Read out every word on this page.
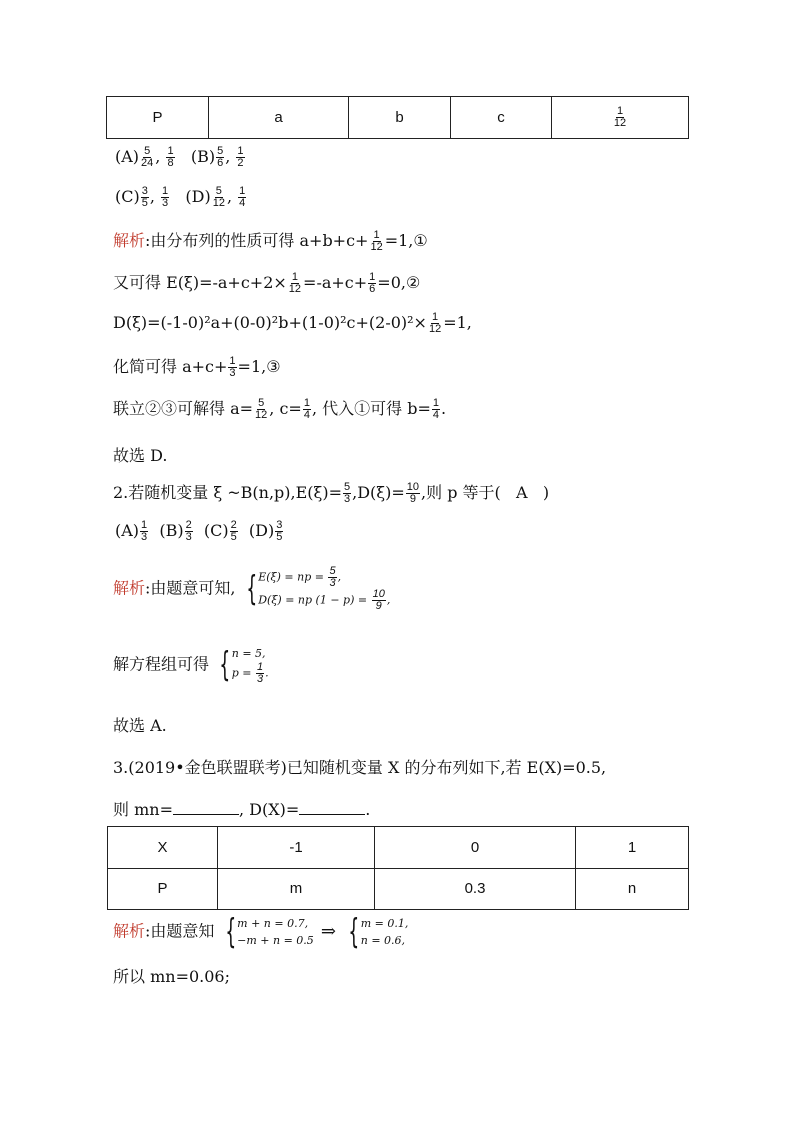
P	a	b	c	$\frac{1}{12}$
$(A) \frac{5}{24}$ , $\frac{1}{8} (B) \frac{5}{6}$ , $\frac{1}{2}$
$(C) \frac{3}{5}$ , $\frac{1}{3} (D) \frac{5}{12}$ , $\frac{1}{4}$
解析:由分布列的性质可得 $a+b+c+ \frac{1}{12}$ =1,①
又可得 $E(\xi)=-a+c+2\times \frac{1}{12} =-a+c+ \frac{1}{6}$ =0,②
$D(\xi)=(-1-0)^2a+(0-0)^2b+(1-0)^2c+(2-0)^2\times \frac{1}{12} =1$,
化简可得 $a+c+ \frac{1}{3}$ =1,③
联立②③可解得 $a= \frac{5}{12}$ , $c= \frac{1}{4}$ , 代入①可得 $b= \frac{1}{4}$ .
故选 D.
2.若随机变量 ξ ~B(n,p),E(ξ)= $\frac{5}{3} ,D(\xi)= \frac{10}{9}$ ,则 p 等于( A )
$(A) \frac{1}{3} (B) \frac{2}{3} (C) \frac{2}{5} (D) \frac{3}{5}$
解析:由题意可知, { E(ξ) = np = $\frac{5}{3}$ ,
D(ξ) = np $(1 - p) = \frac{10}{9}$ ,
解方程组可得 { n = 5,
$p = \frac{1}{3}$ .
故选 A.
3.(2019•金色联盟联考)已知随机变量 X 的分布列如下,若 E(X)=0.5,
则 mn=	, D(X)=	.
X	-1	0	1
P	m	0.3	n
解析:由题意知 { m + n = 0.7,
−m + n = 0.5 ⇒ { m = 0.1,
n = 0.6,
所以 mn=0.06;
